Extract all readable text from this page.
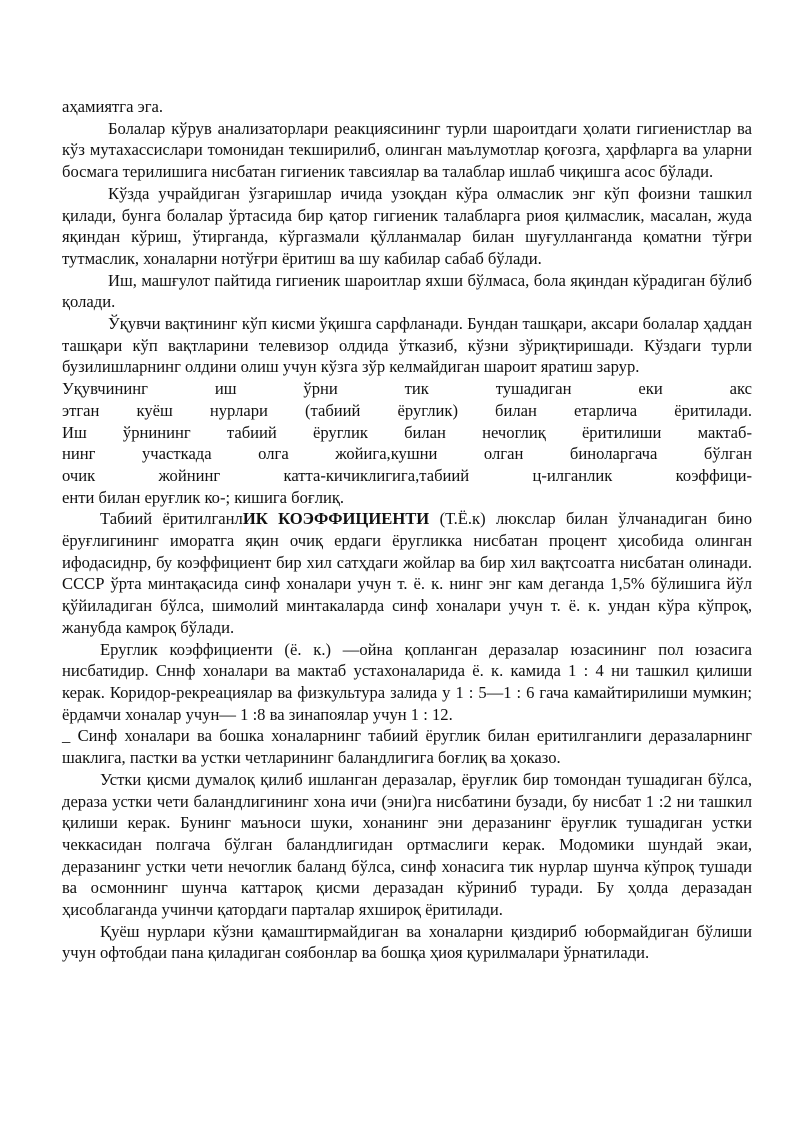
аҳамиятга эга.

Болалар кўрув анализаторлари реакциясининг турли шароитдаги ҳолати гигиенистлар ва кўз мутахассислари томонидан текширилиб, олинган маълумотлар қоғозга, ҳарфларга ва уларни босмага терилишига нисбатан гигиеник тавсиялар ва талаблар ишлаб чиқишга асос бўлади.

Кўзда учрайдиган ўзгаришлар ичида узоқдан кўра олмаслик энг кўп фоизни ташкил қилади, бунга болалар ўртасида бир қатор гигиеник талабларга риоя қилмаслик, масалан, жуда яқиндан кўриш, ўтирганда, кўргазмали қўлланмалар билан шуғулланганда қоматни тўғри тутмаслик, хоналарни нотўғри ёритиш ва шу кабилар сабаб бўлади.

Иш, машғулот пайтида гигиеник шароитлар яхши бўлмаса, бола яқиндан кўрадиган бўлиб қолади.

Ўқувчи вақтининг кўп кисми ўқишга сарфланади. Бундан ташқари, аксари болалар ҳаддан ташқари кўп вақтларини телевизор олдида ўтказиб, кўзни зўриқтиришади. Кўздаги турли бузилишларнинг олдини олиш учун кўзга зўр келмайдиган шароит яратиш зарур.

Уқувчининг иш ўрни тик тушадиган еки акс

этган куёш нурлари (табиий ёруглик) билан етарлича ёритилади.

Иш ўрнининг табиий ёруглик билан нечоглиқ ёритилиши мактаб-

нинг участкада олга жойига,кушни олган биноларгача бўлган

очик жойнинг катта-кичиклигига,табиий ц-илганлик коэффици-

енти билан еруғлик ко-; кишига боғлиқ.

Табиий ёритилганлИК КОЭФФИЦИЕНТИ (Т.Ё.к) люкслар билан ўлчанадиган бино ёруғлигининг иморатга яқин очиқ ердаги ёругликка нисбатан процент ҳисобида олинган ифодасиднр, бу коэффициент бир хил сатҳдаги жойлар ва бир хил вақтсоатга нисбатан олинади. СССР ўрта минтақасида синф хоналари учун т. ё. к. нинг энг кам деганда 1,5% бўлишига йўл қўйиладиган бўлса, шимолий минтакаларда синф хоналари учун т. ё. к. ундан кўра кўпроқ, жанубда камроқ бўлади.

Еруглик коэффициенти (ё. к.) —ойна қопланган деразалар юзасининг пол юзасига нисбатидир. Сннф хоналари ва мактаб устахоналарида ё. к. камида 1 : 4 ни ташкил қилиши керак. Коридор-рекреациялар ва физкультура залида у 1 : 5—1 : 6 гача камайтирилиши мумкин; ёрдамчи хоналар учун— 1 :8 ва зинапоялар учун 1 : 12.

_ Синф хоналари ва бошка хоналарнинг табиий ёруглик билан еритилганлиги деразаларнинг шаклига, пастки ва устки четларининг баландлигига боғлиқ ва ҳоказо.

Устки қисми думалоқ қилиб ишланган деразалар, ёруғлик бир томондан тушадиган бўлса, дераза устки чети баландлигининг хона ичи (эни)га нисбатини бузади, бу нисбат 1 :2 ни ташкил қилиши керак. Бунинг маъноси шуки, хонанинг эни деразанинг ёруғлик тушадиган устки чеккасидан полгача бўлган баландлигидан ортмаслиги керак. Модомики шундай экаи, деразанинг устки чети нечоглик баланд бўлса, синф хонасига тик нурлар шунча кўпроқ тушади ва осмоннинг шунча каттароқ қисми деразадан кўриниб туради. Бу ҳолда деразадан ҳисоблаганда учинчи қатордаги парталар яхшироқ ёритилади.

Қуёш нурлари кўзни қамаштирмайдиган ва хоналарни қиздириб юбормайдиган бўлиши учун офтобдаи пана қиладиган соябонлар ва бошқа ҳиоя қурилмалари ўрнатилади.
